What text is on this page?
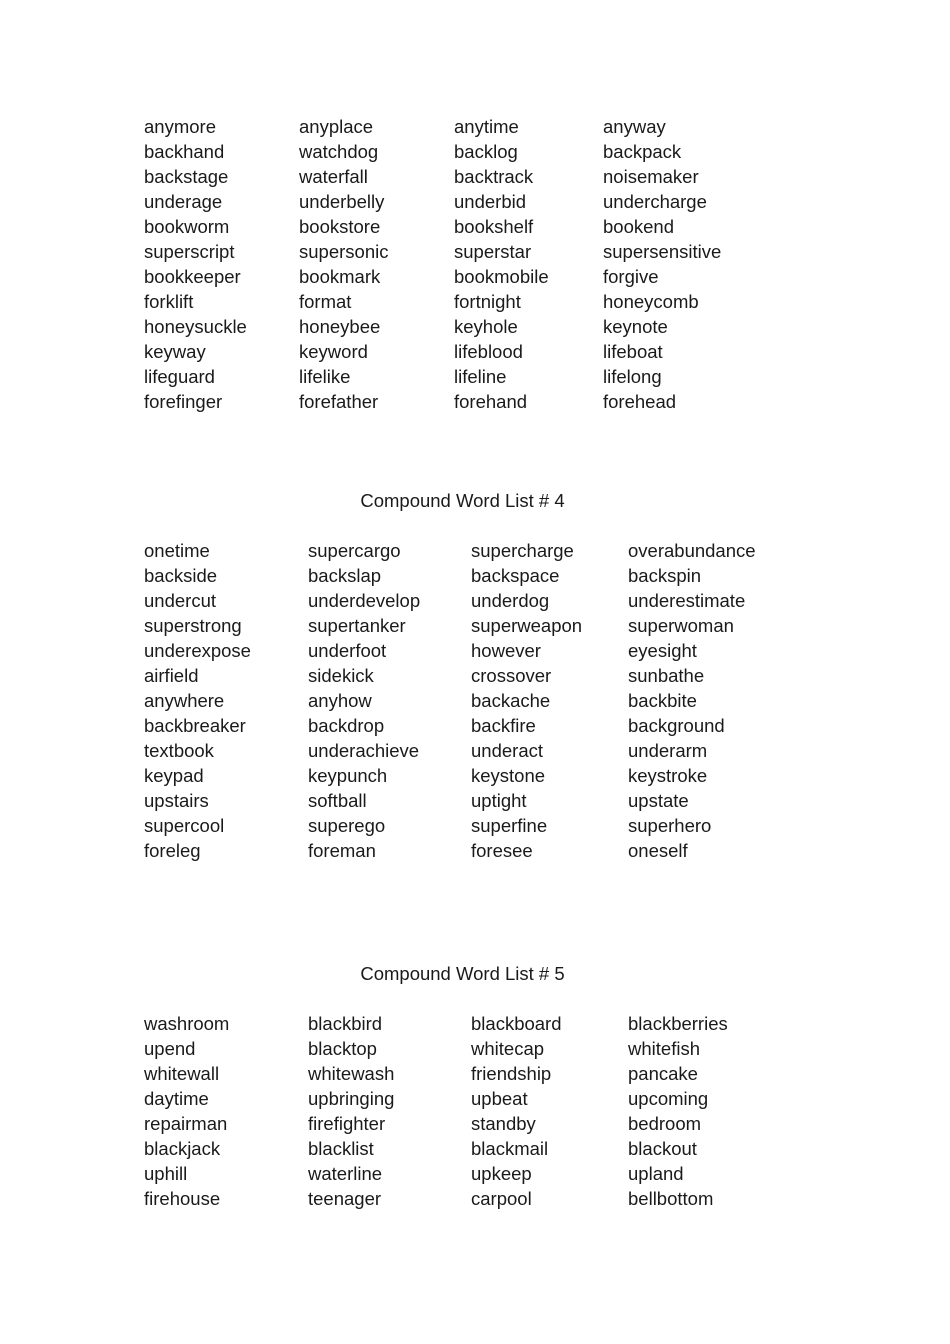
anymore	anyplace	anytime	anyway
backhand	watchdog	backlog	backpack
backstage	waterfall	backtrack	noisemaker
underage	underbelly	underbid	undercharge
bookworm	bookstore	bookshelf	bookend
superscript	supersonic	superstar	supersensitive
bookkeeper	bookmark	bookmobile	forgive
forklift	format	fortnight	honeycomb
honeysuckle	honeybee	keyhole	keynote
keyway	keyword	lifeblood	lifeboat
lifeguard	lifelike	lifeline	lifelong
forefinger	forefather	forehand	forehead
Compound Word List # 4
onetime	supercargo	supercharge	overabundance
backside	backslap	backspace	backspin
undercut	underdevelop	underdog	underestimate
superstrong	supertanker	superweapon	superwoman
underexpose	underfoot	however	eyesight
airfield	sidekick	crossover	sunbathe
anywhere	anyhow	backache	backbite
backbreaker	backdrop	backfire	background
textbook	underachieve	underact	underarm
keypad	keypunch	keystone	keystroke
upstairs	softball	uptight	upstate
supercool	superego	superfine	superhero
foreleg	foreman	foresee	oneself
Compound Word List # 5
washroom	blackbird	blackboard	blackberries
upend	blacktop	whitecap	whitefish
whitewall	whitewash	friendship	pancake
daytime	upbringing	upbeat	upcoming
repairman	firefighter	standby	bedroom
blackjack	blacklist	blackmail	blackout
uphill	waterline	upkeep	upland
firehouse	teenager	carpool	bellbottom
